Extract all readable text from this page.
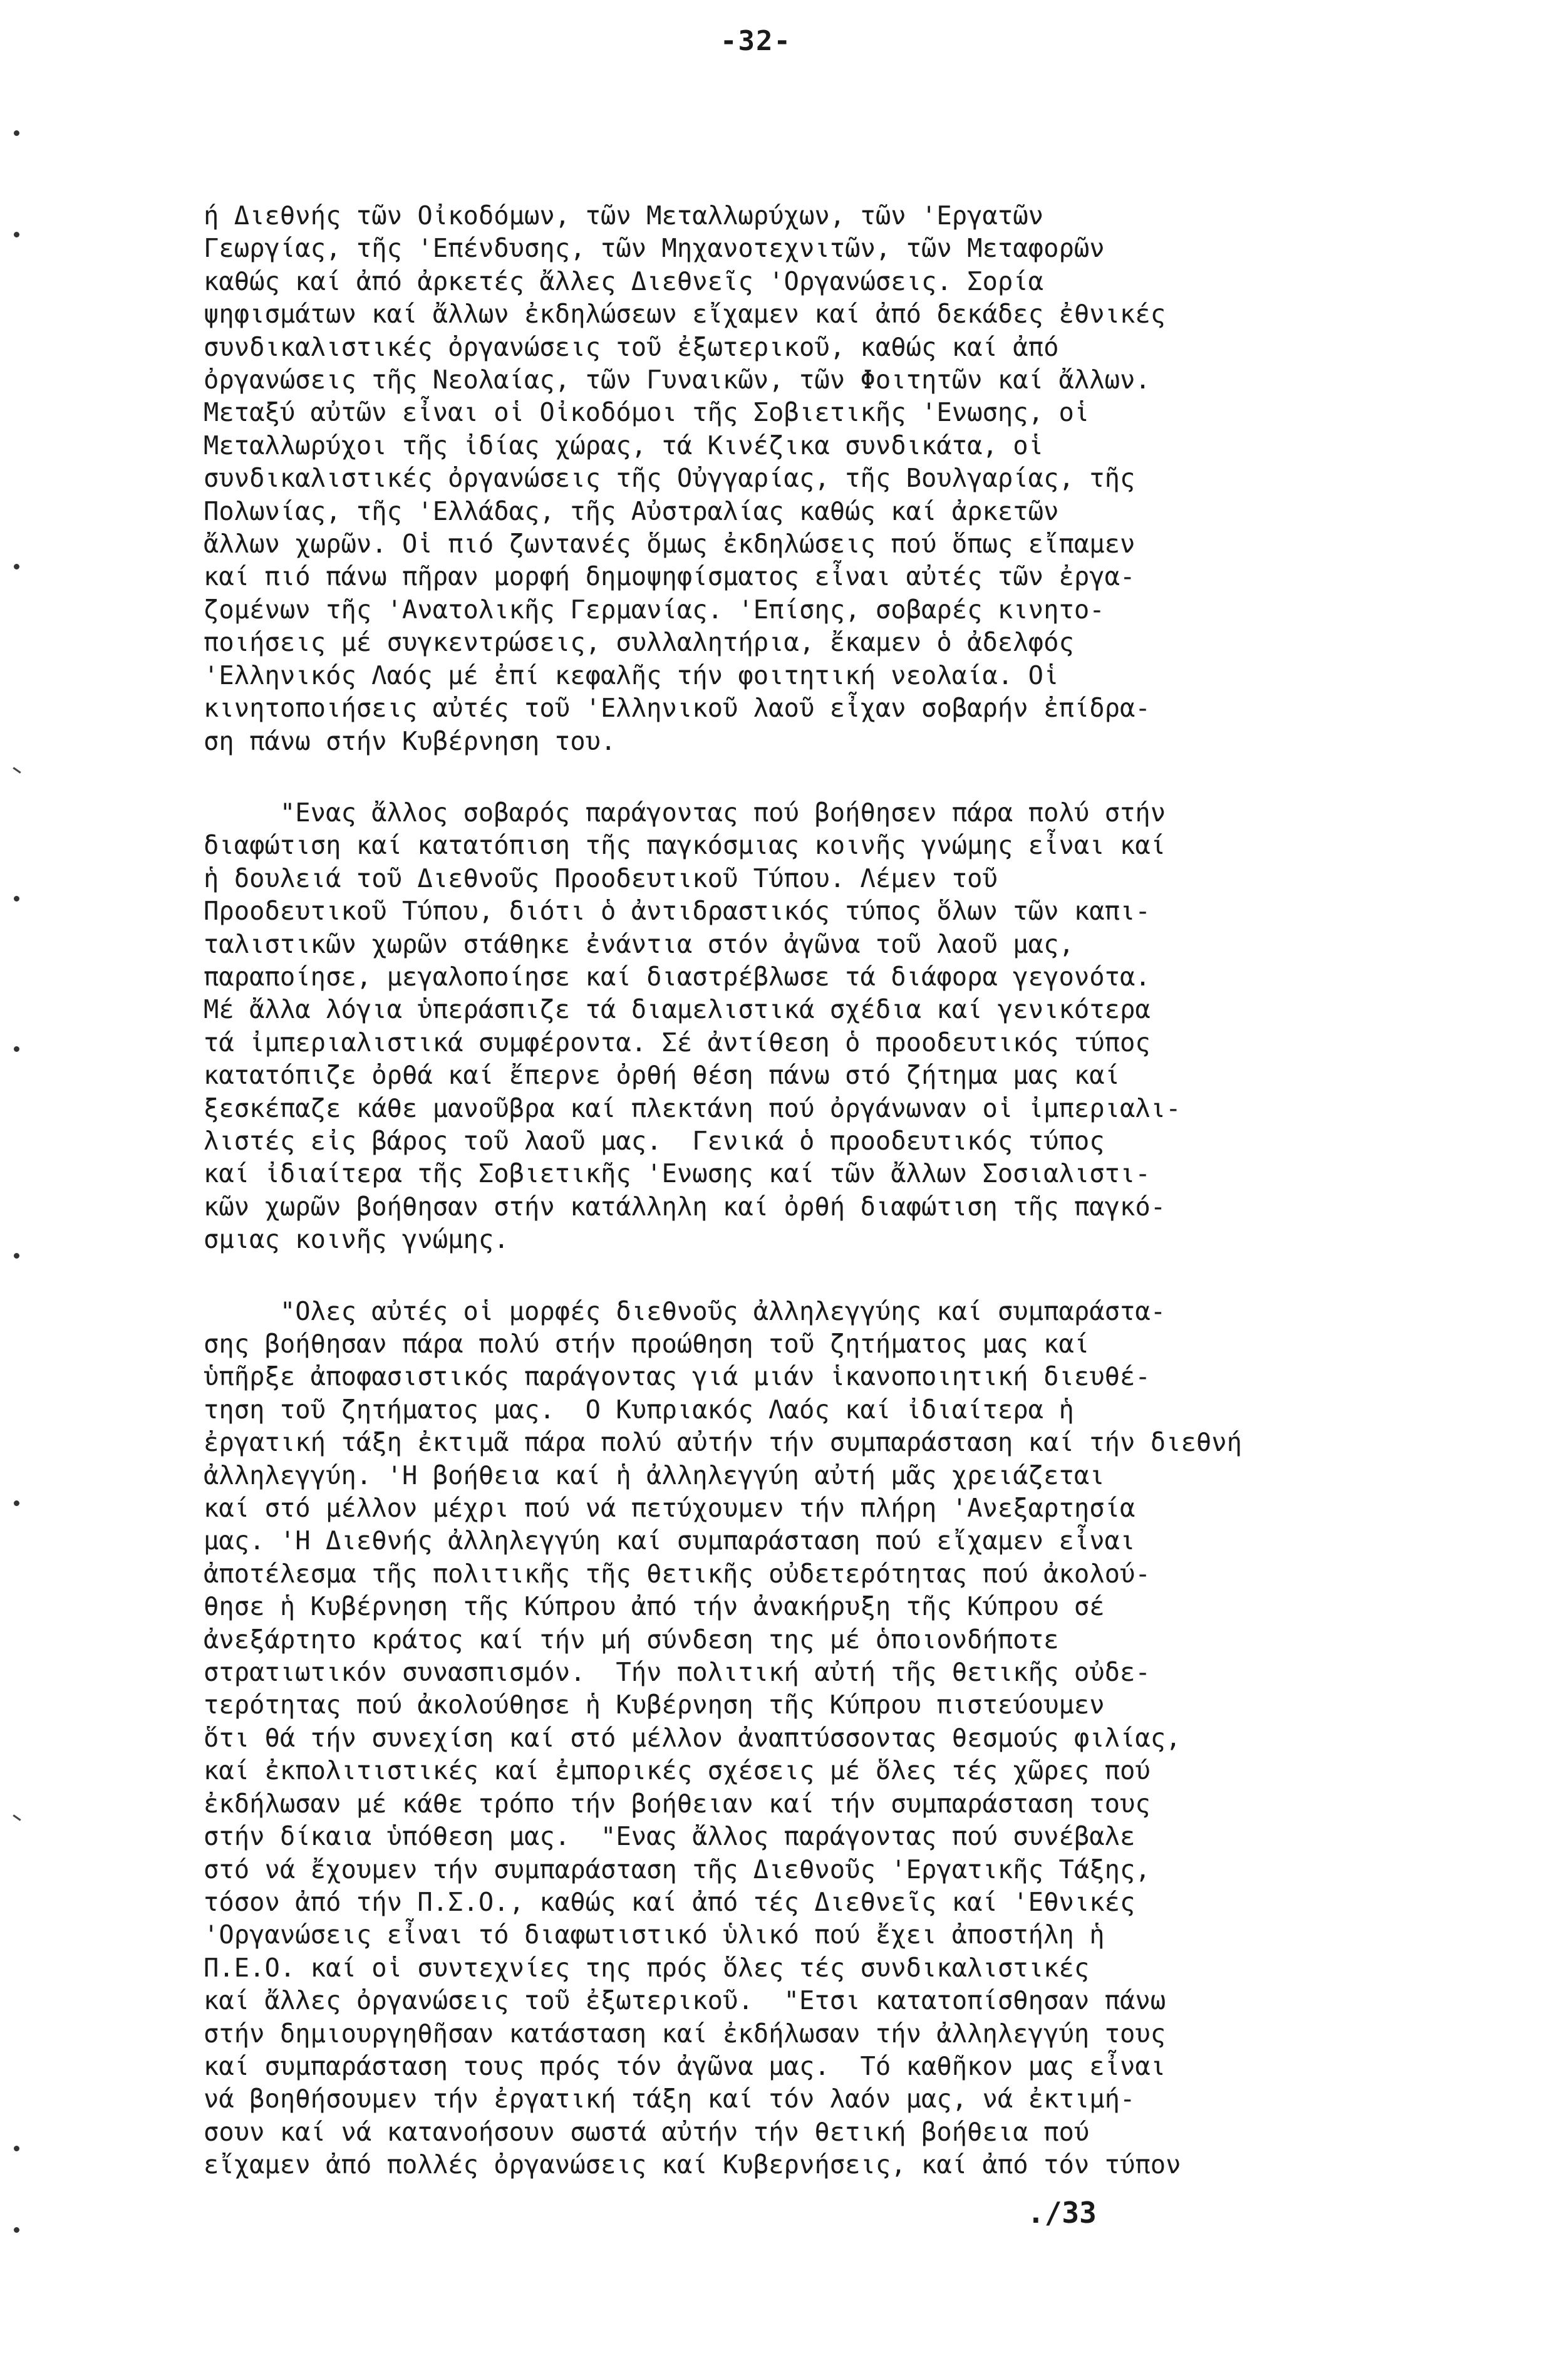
-32-
ή Διεθνής τῶν Οἰκοδόμων, τῶν Μεταλλωρύχων, τῶν 'Εργατῶν
Γεωργίας, τῆς 'Επένδυσης, τῶν Μηχανοτεχνιτῶν, τῶν Μεταφορῶν
καθώς καί ἀπό ἀρκετές ἄλλες Διεθνεῖς 'Οργανώσεις. Σορία
ψηφισμάτων καί ἄλλων ἐκδηλώσεων εἴχαμεν καί ἀπό δεκάδες ἐθνικές
συνδικαλιστικές ὀργανώσεις τοῦ ἐξωτερικοῦ, καθώς καί ἀπό
ὀργανώσεις τῆς Νεολαίας, τῶν Γυναικῶν, τῶν Φοιτητῶν καί ἄλλων.
Μεταξύ αὐτῶν εἶναι οἱ Οἰκοδόμοι τῆς Σοβιετικῆς 'Ενωσης, οἱ
Μεταλλωρύχοι τῆς ἰδίας χώρας, τά Κινέζικα συνδικάτα, οἱ
συνδικαλιστικές ὀργανώσεις τῆς Οὐγγαρίας, τῆς Βουλγαρίας, τῆς
Πολωνίας, τῆς 'Ελλάδας, τῆς Αὐστραλίας καθώς καί ἀρκετῶν
ἄλλων χωρῶν. Οἱ πιό ζωντανές ὅμως ἐκδηλώσεις πού ὅπως εἴπαμεν
καί πιό πάνω πῆραν μορφή δημοψηφίσματος εἶναι αὐτές τῶν ἐργα-
ζομένων τῆς 'Ανατολικῆς Γερμανίας. 'Επίσης, σοβαρές κινητο-
ποιήσεις μέ συγκεντρώσεις, συλλαλητήρια, ἔκαμεν ὁ ἀδελφός
'Ελληνικός Λαός μέ ἐπί κεφαλῆς τήν φοιτητική νεολαία. Οἱ
κινητοποιήσεις αὐτές τοῦ 'Ελληνικοῦ λαοῦ εἶχαν σοβαρήν ἐπίδρα-
ση πάνω στήν Κυβέρνηση του.
"Ενας ἄλλος σοβαρός παράγοντας πού βοήθησεν πάρα πολύ στήν
διαφώτιση καί κατατόπιση τῆς παγκόσμιας κοινῆς γνώμης εἶναι καί
ἡ δουλειά τοῦ Διεθνοῦς Προοδευτικοῦ Τύπου. Λέμεν τοῦ
Προοδευτικοῦ Τύπου, διότι ὁ ἀντιδραστικός τύπος ὅλων τῶν καπι-
ταλιστικῶν χωρῶν στάθηκε ἐνάντια στόν ἀγῶνα τοῦ λαοῦ μας,
παραποίησε, μεγαλοποίησε καί διαστρέβλωσε τά διάφορα γεγονότα.
Μέ ἄλλα λόγια ὑπεράσπιζε τά διαμελιστικά σχέδια καί γενικότερα
τά ἰμπεριαλιστικά συμφέροντα. Σέ ἀντίθεση ὁ προοδευτικός τύπος
κατατόπιζε ὀρθά καί ἔπερνε ὀρθή θέση πάνω στό ζήτημα μας καί
ξεσκέπαζε κάθε μανοῦβρα καί πλεκτάνη πού ὀργάνωναν οἱ ἰμπεριαλι-
λιστές εἰς βάρος τοῦ λαοῦ μας.  Γενικά ὁ προοδευτικός τύπος
καί ἰδιαίτερα τῆς Σοβιετικῆς 'Ενωσης καί τῶν ἄλλων Σοσιαλιστι-
κῶν χωρῶν βοήθησαν στήν κατάλληλη καί ὀρθή διαφώτιση τῆς παγκό-
σμιας κοινῆς γνώμης.
"Ολες αὐτές οἱ μορφές διεθνοῦς ἀλληλεγγύης καί συμπαράστα-
σης βοήθησαν πάρα πολύ στήν προώθηση τοῦ ζητήματος μας καί
ὑπῆρξε ἀποφασιστικός παράγοντας γιά μιάν ἱκανοποιητική διευθέ-
τηση τοῦ ζητήματος μας.  Ο Κυπριακός Λαός καί ἰδιαίτερα ἡ
ἐργατική τάξη ἐκτιμᾶ πάρα πολύ αὐτήν τήν συμπαράσταση καί τήν διεθνή
ἀλληλεγγύη. 'Η βοήθεια καί ἡ ἀλληλεγγύη αὐτή μᾶς χρειάζεται
καί στό μέλλον μέχρι πού νά πετύχουμεν τήν πλήρη 'Ανεξαρτησία
μας. 'Η Διεθνής ἀλληλεγγύη καί συμπαράσταση πού εἴχαμεν εἶναι
ἀποτέλεσμα τῆς πολιτικῆς τῆς θετικῆς οὐδετερότητας πού ἀκολού-
θησε ἡ Κυβέρνηση τῆς Κύπρου ἀπό τήν ἀνακήρυξη τῆς Κύπρου σέ
ἀνεξάρτητο κράτος καί τήν μή σύνδεση της μέ ὁποιονδήποτε
στρατιωτικόν συνασπισμόν.  Τήν πολιτική αὐτή τῆς θετικῆς οὐδε-
τερότητας πού ἀκολούθησε ἡ Κυβέρνηση τῆς Κύπρου πιστεύουμεν
ὅτι θά τήν συνεχίση καί στό μέλλον ἀναπτύσσοντας θεσμούς φιλίας,
καί ἐκπολιτιστικές καί ἐμπορικές σχέσεις μέ ὅλες τές χῶρες πού
ἐκδήλωσαν μέ κάθε τρόπο τήν βοήθειαν καί τήν συμπαράσταση τους
στήν δίκαια ὑπόθεση μας.  "Ενας ἄλλος παράγοντας πού συνέβαλε
στό νά ἔχουμεν τήν συμπαράσταση τῆς Διεθνοῦς 'Εργατικῆς Τάξης,
τόσον ἀπό τήν Π.Σ.Ο., καθώς καί ἀπό τές Διεθνεῖς καί 'Εθνικές
'Οργανώσεις εἶναι τό διαφωτιστικό ὑλικό πού ἔχει ἀποστήλη ἡ
Π.Ε.Ο. καί οἱ συντεχνίες της πρός ὅλες τές συνδικαλιστικές
καί ἄλλες ὀργανώσεις τοῦ ἐξωτερικοῦ.  "Ετσι κατατοπίσθησαν πάνω
στήν δημιουργηθῆσαν κατάσταση καί ἐκδήλωσαν τήν ἀλληλεγγύη τους
καί συμπαράσταση τους πρός τόν ἀγῶνα μας.  Τό καθῆκον μας εἶναι
νά βοηθήσουμεν τήν ἐργατική τάξη καί τόν λαόν μας, νά ἐκτιμή-
σουν καί νά κατανοήσουν σωστά αὐτήν τήν θετική βοήθεια πού
εἴχαμεν ἀπό πολλές ὀργανώσεις καί Κυβερνήσεις, καί ἀπό τόν τύπον
./33
